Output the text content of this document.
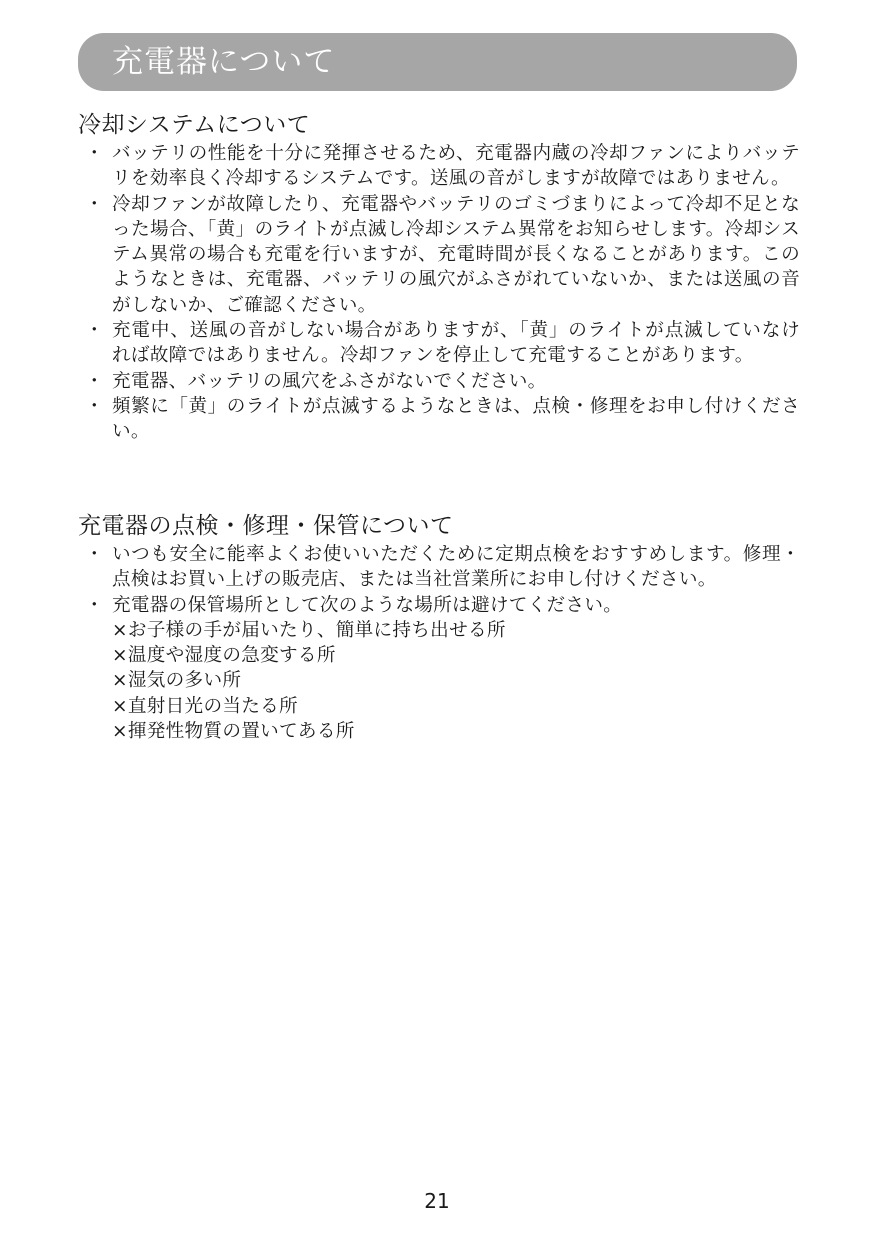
充電器について
冷却システムについて
・ バッテリの性能を十分に発揮させるため、充電器内蔵の冷却ファンによりバッテリを効率良く冷却するシステムです。送風の音がしますが故障ではありません。
・ 冷却ファンが故障したり、充電器やバッテリのゴミづまりによって冷却不足となった場合、「黄」のライトが点滅し冷却システム異常をお知らせします。冷却システム異常の場合も充電を行いますが、充電時間が長くなることがあります。このようなときは、充電器、バッテリの風穴がふさがれていないか、または送風の音がしないか、ご確認ください。
・ 充電中、送風の音がしない場合がありますが、「黄」のライトが点滅していなければ故障ではありません。冷却ファンを停止して充電することがあります。
・ 充電器、バッテリの風穴をふさがないでください。
・ 頻繁に「黄」のライトが点滅するようなときは、点検・修理をお申し付けください。
充電器の点検・修理・保管について
・ いつも安全に能率よくお使いいただくために定期点検をおすすめします。修理・点検はお買い上げの販売店、または当社営業所にお申し付けください。
・ 充電器の保管場所として次のような場所は避けてください。
×お子様の手が届いたり、簡単に持ち出せる所
×温度や湿度の急変する所
×湿気の多い所
×直射日光の当たる所
×揮発性物質の置いてある所
21
